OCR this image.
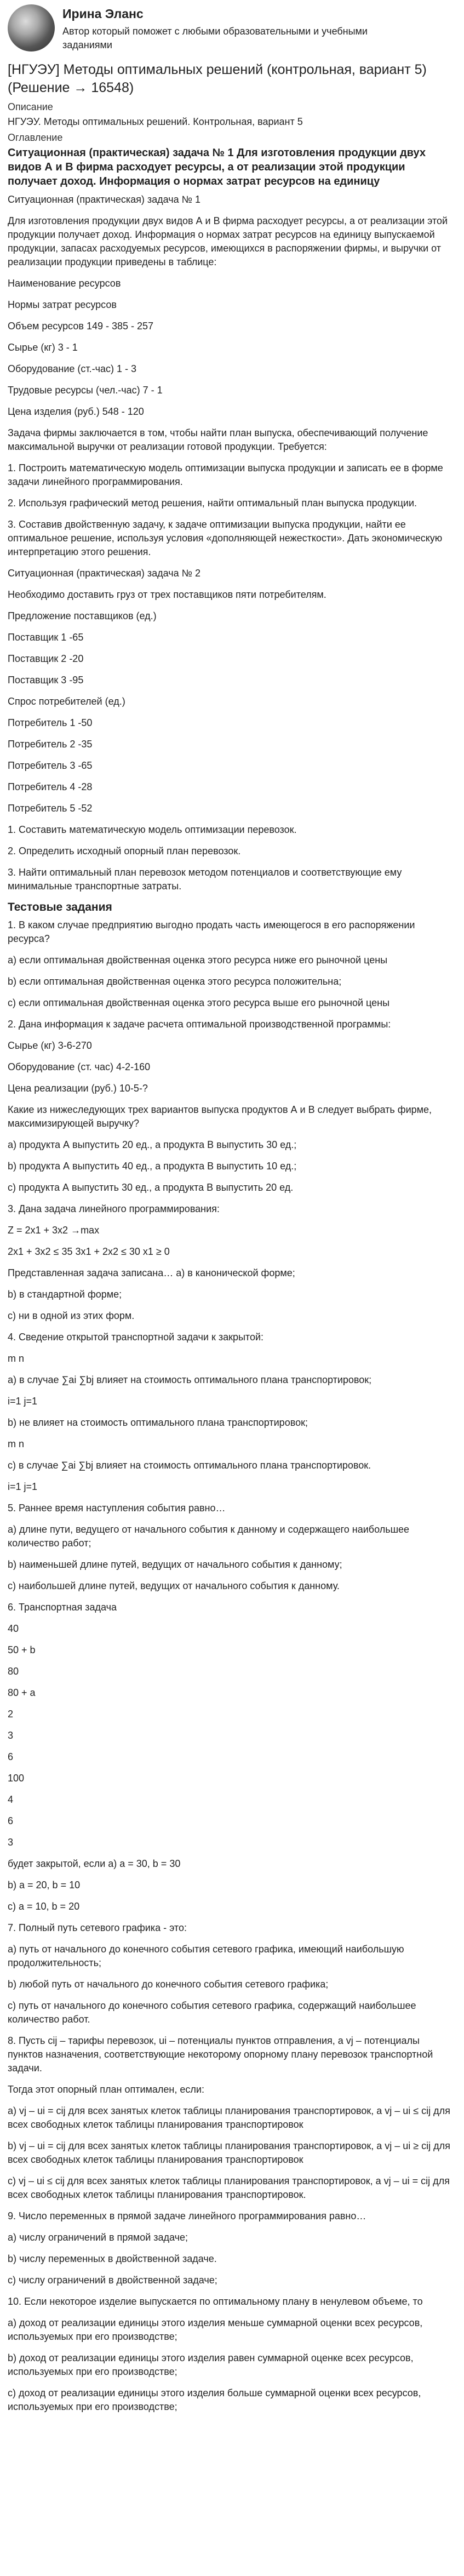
Ирина Эланс
Автор который поможет с любыми образовательными и учебными заданиями
[НГУЭУ] Методы оптимальных решений (контрольная, вариант 5) (Решение → 16548)
Описание
НГУЭУ. Методы оптимальных решений. Контрольная, вариант 5
Оглавление
Ситуационная (практическая) задача № 1 Для изготовления продукции двух видов А и В фирма расходует ресурсы, а от реализации этой продукции получает доход. Информация о нормах затрат ресурсов на единицу
Ситуационная (практическая) задача № 1
Для изготовления продукции двух видов А и В фирма расходует ресурсы, а от реализации этой продукции получает доход. Информация о нормах затрат ресурсов на единицу выпускаемой продукции, запасах расходуемых ресурсов, имеющихся в распоряжении фирмы, и выручки от реализации продукции приведены в таблице:
Наименование ресурсов
Нормы затрат ресурсов
Объем ресурсов 149 - 385 - 257
Сырье (кг) 3 - 1
Оборудование (ст.-час) 1 - 3
Трудовые ресурсы (чел.-час) 7 - 1
Цена изделия (руб.) 548 - 120
Задача фирмы заключается в том, чтобы найти план выпуска, обеспечивающий получение максимальной выручки от реализации готовой продукции. Требуется:
1. Построить математическую модель оптимизации выпуска продукции и записать ее в форме задачи линейного программирования.
2. Используя графический метод решения, найти оптимальный план выпуска продукции.
3. Составив двойственную задачу, к задаче оптимизации выпуска продукции, найти ее оптимальное решение, используя условия «дополняющей нежесткости». Дать экономическую интерпретацию этого решения.
Ситуационная (практическая) задача № 2
Необходимо доставить груз от трех поставщиков пяти потребителям.
Предложение поставщиков (ед.)
Поставщик 1 -65
Поставщик 2 -20
Поставщик 3 -95
Спрос потребителей (ед.)
Потребитель 1 -50
Потребитель 2 -35
Потребитель 3 -65
Потребитель 4 -28
Потребитель 5 -52
1. Составить математическую модель оптимизации перевозок.
2. Определить исходный опорный план перевозок.
3. Найти оптимальный план перевозок методом потенциалов и соответствующие ему минимальные транспортные затраты.
Тестовые задания
1. В каком случае предприятию выгодно продать часть имеющегося в его распоряжении ресурса?
a) если оптимальная двойственная оценка этого ресурса ниже его рыночной цены
b) если оптимальная двойственная оценка этого ресурса положительна;
c) если оптимальная двойственная оценка этого ресурса выше его рыночной цены
2. Дана информация к задаче расчета оптимальной производственной программы:
Сырье (кг) 3-6-270
Оборудование (ст. час) 4-2-160
Цена реализации (руб.) 10-5-?
Какие из нижеследующих трех вариантов выпуска продуктов А и В следует выбрать фирме, максимизирующей выручку?
a) продукта А выпустить 20 ед., а продукта В выпустить 30 ед.;
b) продукта А выпустить 40 ед., а продукта В выпустить 10 ед.;
c) продукта А выпустить 30 ед., а продукта В выпустить 20 ед.
3. Дана задача линейного программирования:
Z = 2x1 + 3x2 →max
2x1 + 3x2 ≤ 35 3x1 + 2x2 ≤ 30 x1 ≥ 0
Представленная задача записана… a) в канонической форме;
b) в стандартной форме;
c) ни в одной из этих форм.
4. Сведение открытой транспортной задачи к закрытой:
m n
a) в случае ∑ai ∑bj влияет на стоимость оптимального плана транспортировок;
i=1 j=1
b) не влияет на стоимость оптимального плана транспортировок;
m n
c) в случае ∑ai ∑bj влияет на стоимость оптимального плана транспортировок.
i=1 j=1
5. Раннее время наступления события равно…
a) длине пути, ведущего от начального события к данному и содержащего наибольшее количество работ;
b) наименьшей длине путей, ведущих от начального события к данному;
c) наибольшей длине путей, ведущих от начального события к данному.
6. Транспортная задача
40
50 + b
80
80 + a
2
3
6
100
4
6
3
будет закрытой, если a) a = 30, b = 30
b) a = 20, b = 10
c) a = 10, b = 20
7. Полный путь сетевого графика - это:
a) путь от начального до конечного события сетевого графика, имеющий наибольшую продолжительность;
b) любой путь от начального до конечного события сетевого графика;
c) путь от начального до конечного события сетевого графика, содержащий наибольшее количество работ.
8. Пусть cij – тарифы перевозок, ui – потенциалы пунктов отправления, а vj – потенциалы пунктов назначения, соответствующие некоторому опорному плану перевозок транспортной задачи.
Тогда этот опорный план оптимален, если:
a) vj – ui = cij для всех занятых клеток таблицы планирования транспортировок, а vj – ui ≤ cij для всех свободных клеток таблицы планирования транспортировок
b) vj – ui = cij для всех занятых клеток таблицы планирования транспортировок, а vj – ui ≥ cij для всех свободных клеток таблицы планирования транспортировок
c) vj – ui ≤ cij для всех занятых клеток таблицы планирования транспортировок, а vj – ui = cij для всех свободных клеток таблицы планирования транспортировок.
9. Число переменных в прямой задаче линейного программирования равно…
a) числу ограничений в прямой задаче;
b) числу переменных в двойственной задаче.
c) числу ограничений в двойственной задаче;
10. Если некоторое изделие выпускается по оптимальному плану в ненулевом объеме, то
a) доход от реализации единицы этого изделия меньше суммарной оценки всех ресурсов, используемых при его производстве;
b) доход от реализации единицы этого изделия равен суммарной оценке всех ресурсов, используемых при его производстве;
c) доход от реализации единицы этого изделия больше суммарной оценки всех ресурсов, используемых при его производстве;
